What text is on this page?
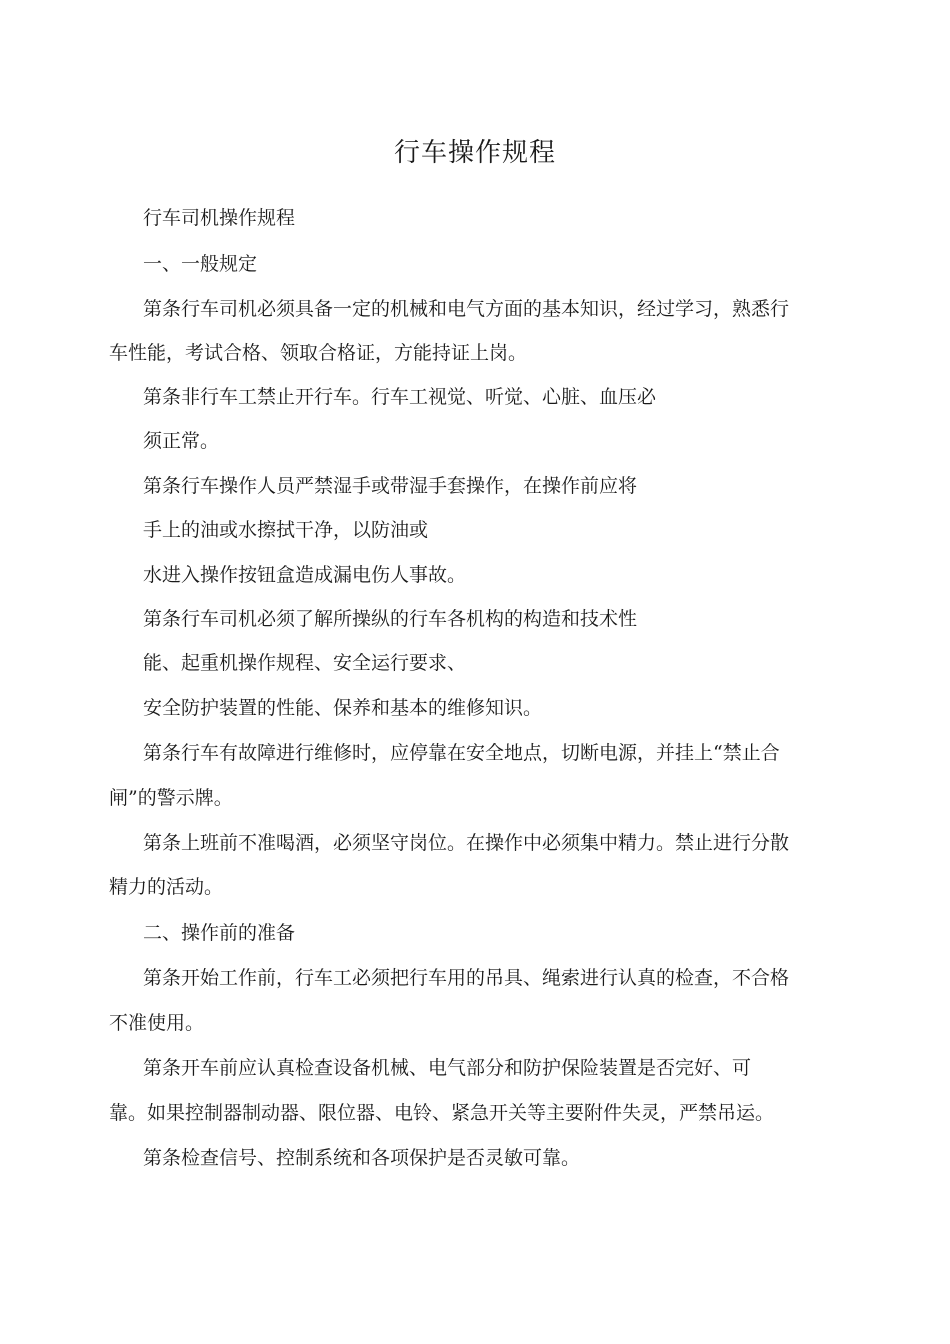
行车操作规程
行车司机操作规程
一、一般规定
第条行车司机必须具备一定的机械和电气方面的基本知识，经过学习，熟悉行
车性能，考试合格、领取合格证，方能持证上岗。
第条非行车工禁止开行车。行车工视觉、听觉、心脏、血压必
须正常。
第条行车操作人员严禁湿手或带湿手套操作，在操作前应将
手上的油或水擦拭干净，以防油或
水进入操作按钮盒造成漏电伤人事故。
第条行车司机必须了解所操纵的行车各机构的构造和技术性
能、起重机操作规程、安全运行要求、
安全防护装置的性能、保养和基本的维修知识。
第条行车有故障进行维修时，应停靠在安全地点，切断电源，并挂上“禁止合
闸”的警示牌。
第条上班前不准喝酒，必须坚守岗位。在操作中必须集中精力。禁止进行分散
精力的活动。
二、操作前的准备
第条开始工作前，行车工必须把行车用的吊具、绳索进行认真的检查，不合格
不准使用。
第条开车前应认真检查设备机械、电气部分和防护保险装置是否完好、可
靠。如果控制器制动器、限位器、电铃、紧急开关等主要附件失灵，严禁吊运。
第条检查信号、控制系统和各项保护是否灵敏可靠。
